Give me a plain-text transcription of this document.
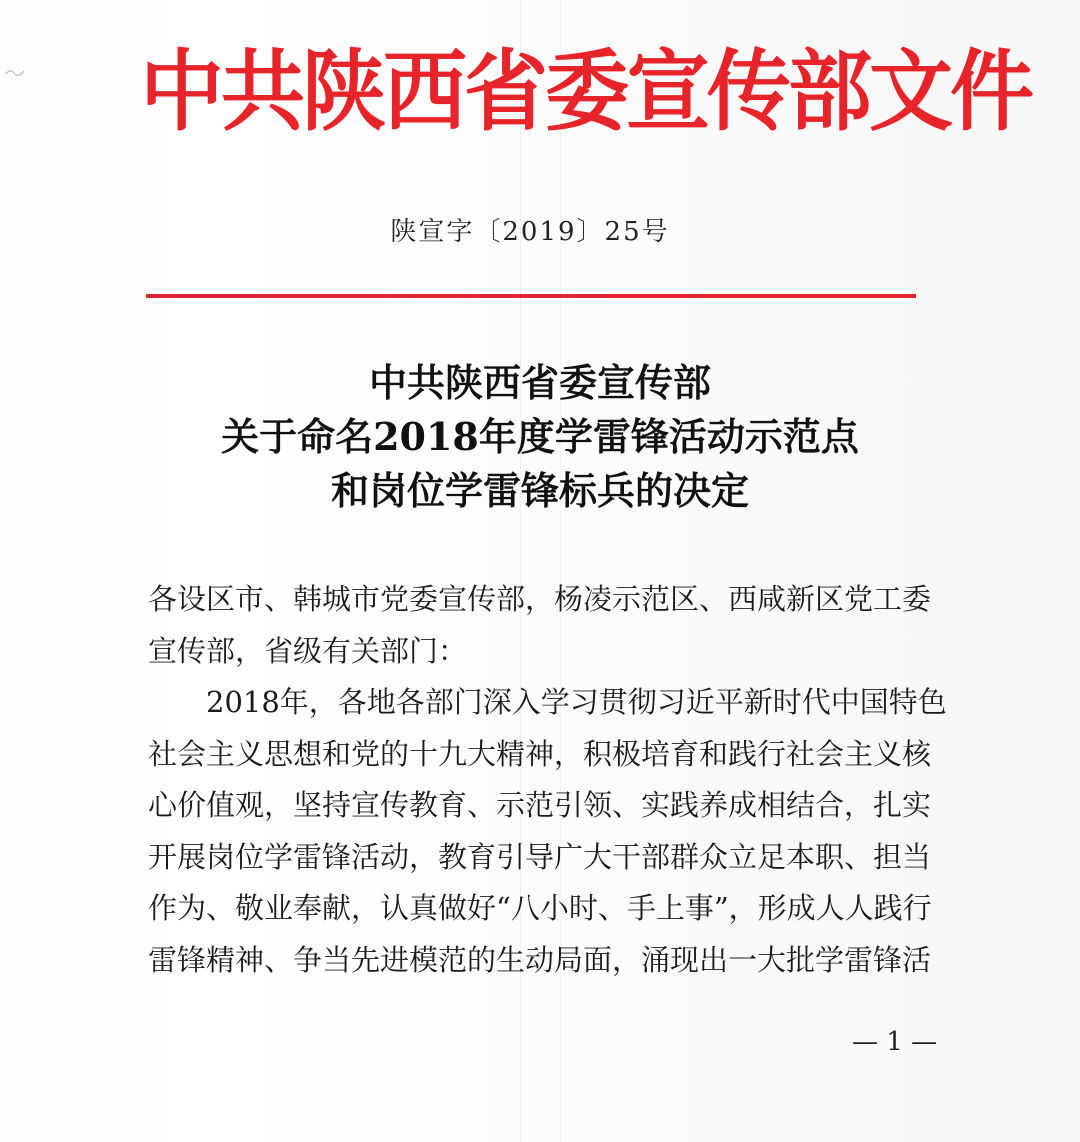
中共陕西省委宣传部文件
陕宣字〔2019〕25号
中共陕西省委宣传部
关于命名2018年度学雷锋活动示范点
和岗位学雷锋标兵的决定
各设区市、韩城市党委宣传部，杨凌示范区、西咸新区党工委
宣传部，省级有关部门：
2018年，各地各部门深入学习贯彻习近平新时代中国特色
社会主义思想和党的十九大精神，积极培育和践行社会主义核
心价值观，坚持宣传教育、示范引领、实践养成相结合，扎实
开展岗位学雷锋活动，教育引导广大干部群众立足本职、担当
作为、敬业奉献，认真做好“八小时、手上事”，形成人人践行
雷锋精神、争当先进模范的生动局面，涌现出一大批学雷锋活
— 1 —
